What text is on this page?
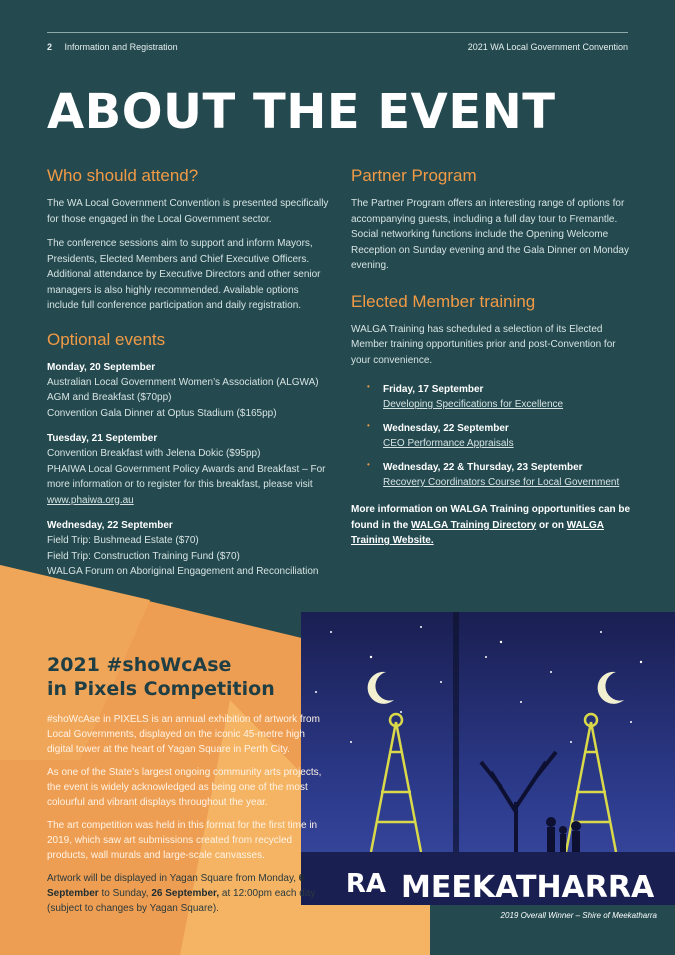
2 Information and Registration	2021 WA Local Government Convention
ABOUT THE EVENT
Who should attend?

The WA Local Government Convention is presented specifically for those engaged in the Local Government sector.

The conference sessions aim to support and inform Mayors, Presidents, Elected Members and Chief Executive Officers. Additional attendance by Executive Directors and other senior managers is also highly recommended. Available options include full conference participation and daily registration.

Optional events
Monday, 20 September
Australian Local Government Women’s Association (ALGWA) AGM and Breakfast ($70pp)
Convention Gala Dinner at Optus Stadium ($165pp)
Tuesday, 21 September
Convention Breakfast with Jelena Dokic ($95pp)
PHAIWA Local Government Policy Awards and Breakfast – For more information or to register for this breakfast, please visit www.phaiwa.org.au
Wednesday, 22 September
Field Trip: Bushmead Estate ($70)
Field Trip: Construction Training Fund ($70)
WALGA Forum on Aboriginal Engagement and Reconciliation
Partner Program

The Partner Program offers an interesting range of options for accompanying guests, including a full day tour to Fremantle. Social networking functions include the Opening Welcome Reception on Sunday evening and the Gala Dinner on Monday evening.

Elected Member training

WALGA Training has scheduled a selection of its Elected Member training opportunities prior and post-Convention for your convenience.

• Friday, 17 September
Developing Specifications for Excellence
• Wednesday, 22 September
CEO Performance Appraisals
• Wednesday, 22 & Thursday, 23 September
Recovery Coordinators Course for Local Government
More information on WALGA Training opportunities can be found in the WALGA Training Directory or on WALGA Training Website.
MEEKATHARRA
RA
2019 Overall Winner – Shire of Meekatharra
2021 #shoWcAse
in Pixels Competition

#shoWcAse in PIXELS is an annual exhibition of artwork from Local Governments, displayed on the iconic 45-metre high digital tower at the heart of Yagan Square in Perth City.

As one of the State’s largest ongoing community arts projects, the event is widely acknowledged as being one of the most colourful and vibrant displays throughout the year.

The art competition was held in this format for the first time in 2019, which saw art submissions created from recycled products, wall murals and large-scale canvasses.

Artwork will be displayed in Yagan Square from Monday, 6 September to Sunday, 26 September, at 12:00pm each day (subject to changes by Yagan Square).
